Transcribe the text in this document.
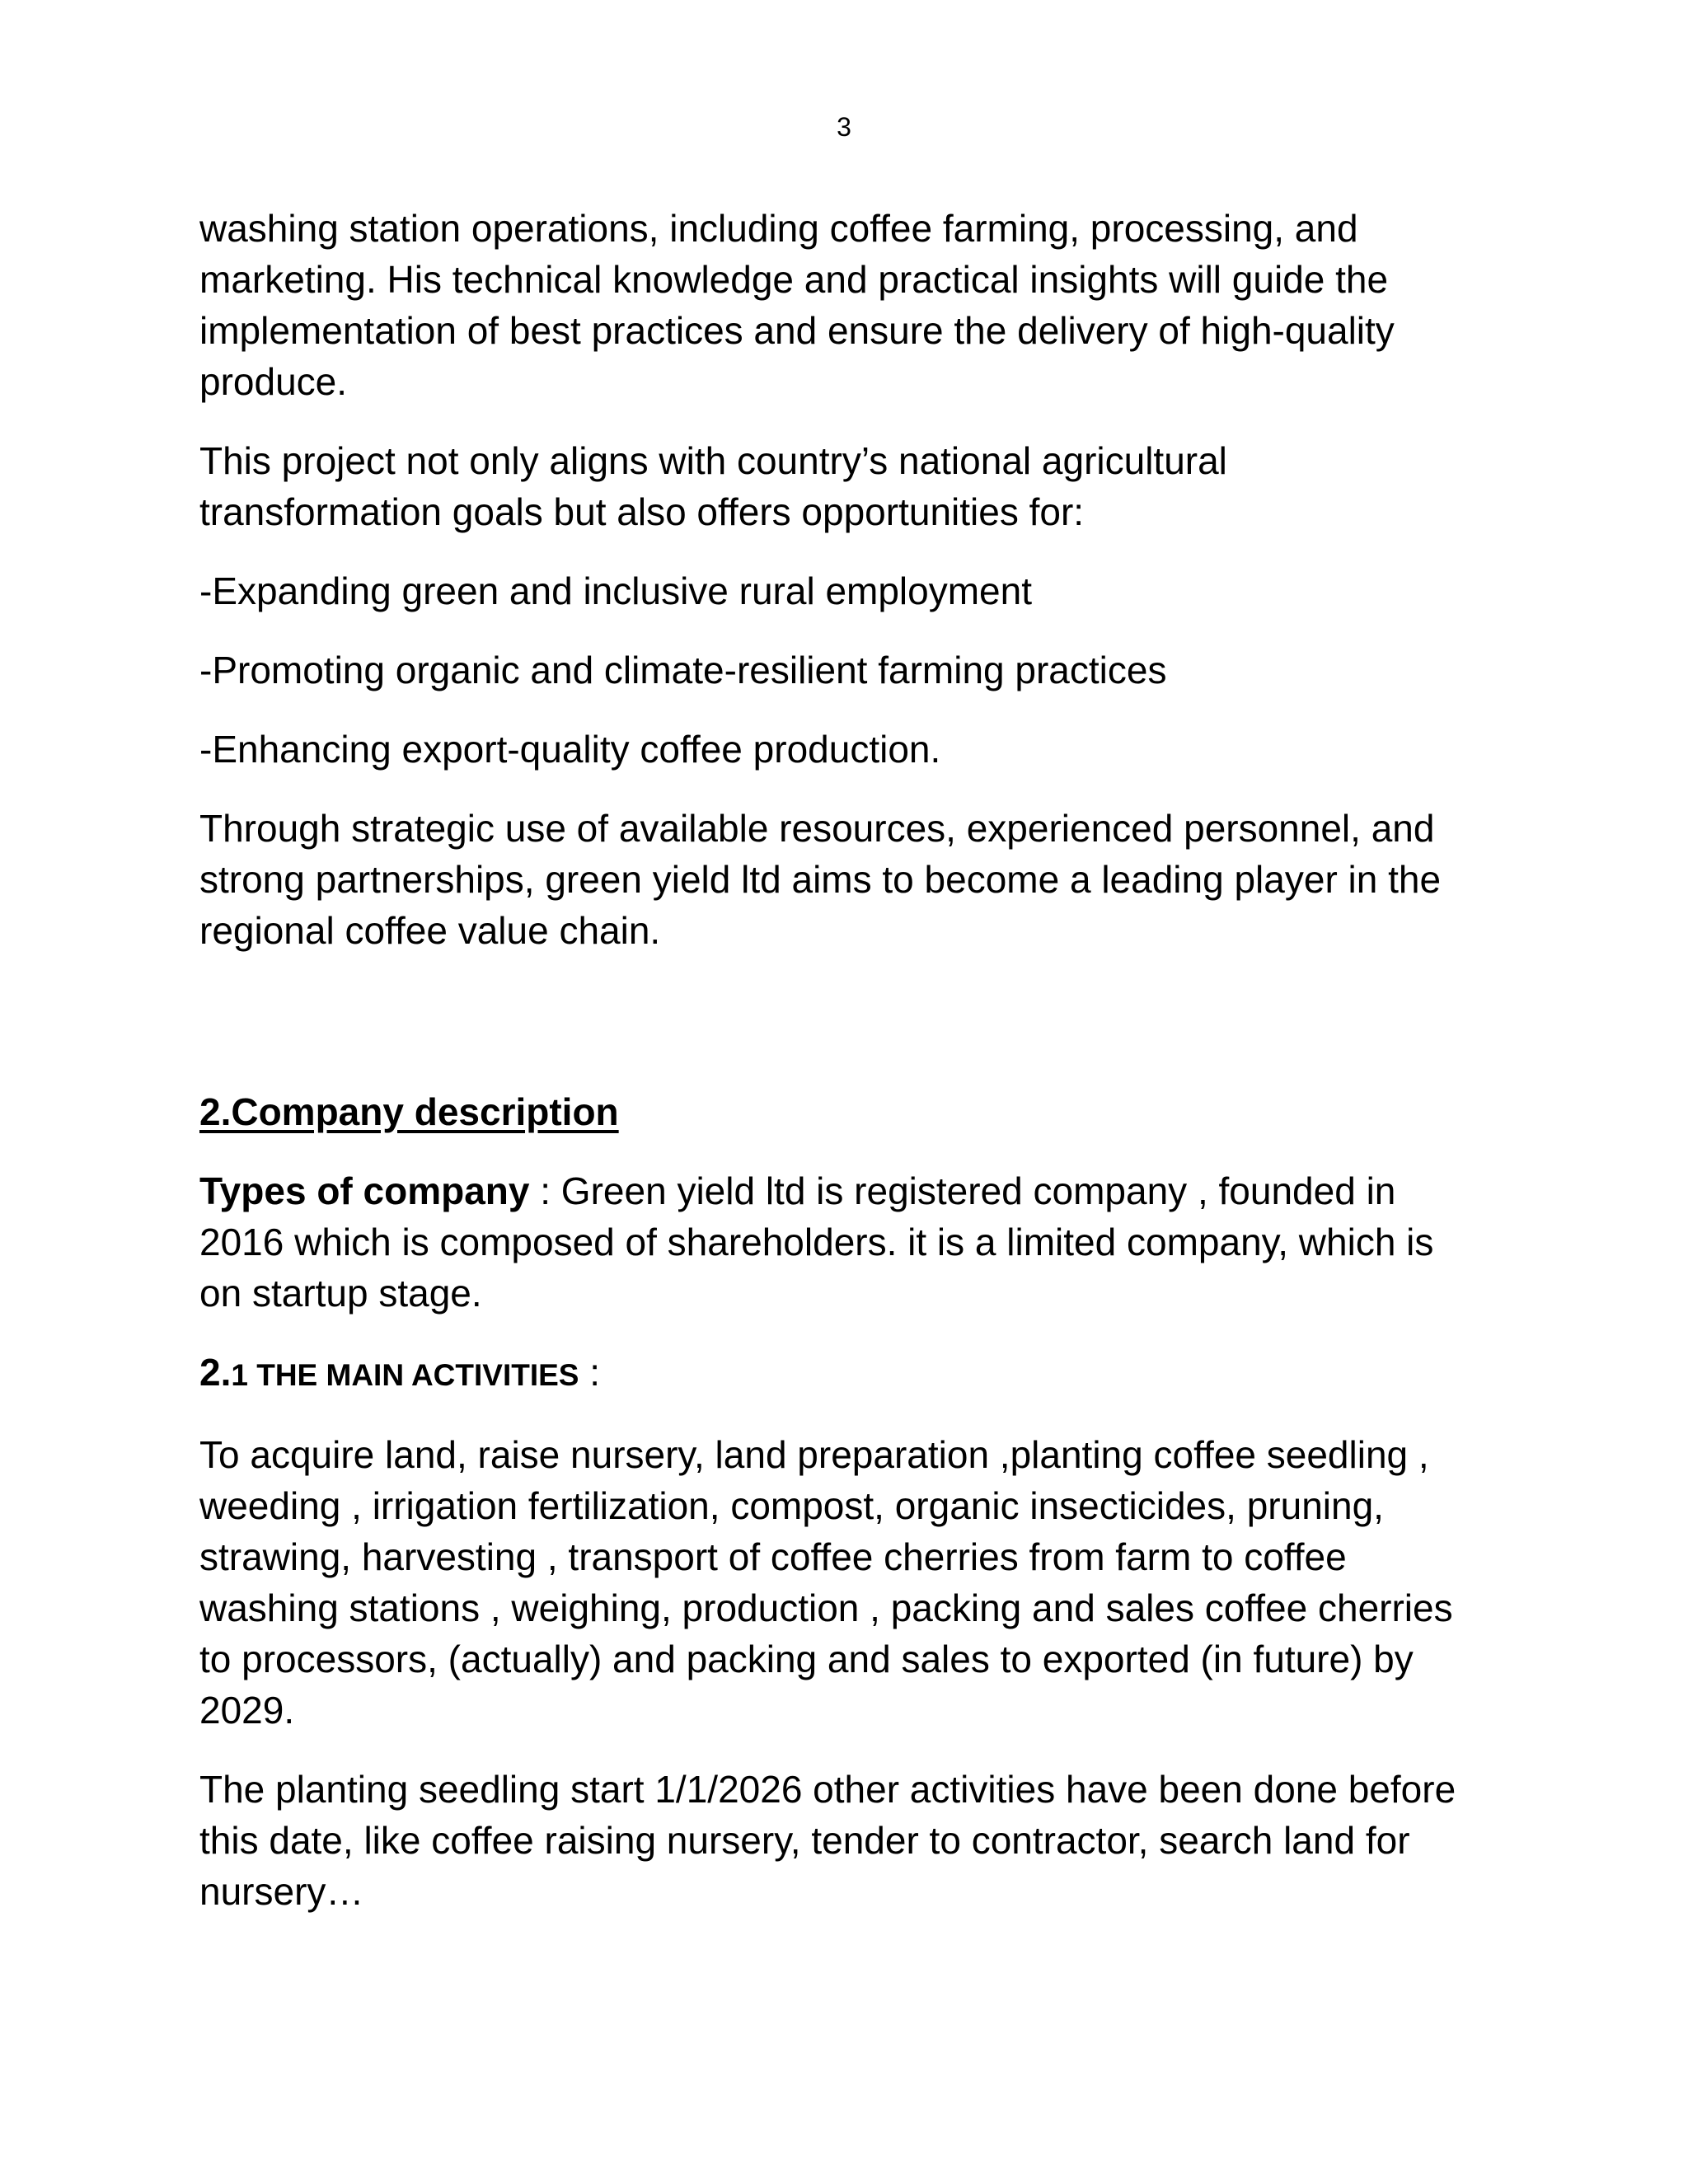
3

washing station operations, including coffee farming, processing, and
marketing. His technical knowledge and practical insights will guide the
implementation of best practices and ensure the delivery of high-quality
produce.

This project not only aligns with country’s national agricultural
transformation goals but also offers opportunities for:

-Expanding green and inclusive rural employment

-Promoting organic and climate-resilient farming practices

-Enhancing export-quality coffee production.

Through strategic use of available resources, experienced personnel, and
strong partnerships, green yield ltd aims to become a leading player in the
regional coffee value chain.

2.Company description

Types of company : Green yield ltd is registered company , founded in
2016 which is composed of shareholders. it is a limited company, which is
on startup stage.

2.1 THE MAIN ACTIVITIES :

To acquire land, raise nursery, land preparation ,planting coffee seedling ,
weeding , irrigation fertilization, compost, organic insecticides, pruning,
strawing, harvesting , transport of coffee cherries from farm to coffee
washing stations , weighing, production , packing and sales coffee cherries
to processors, (actually) and packing and sales to exported (in future) by
2029.

The planting seedling start 1/1/2026 other activities have been done before
this date, like coffee raising nursery, tender to contractor, search land for
nursery…
